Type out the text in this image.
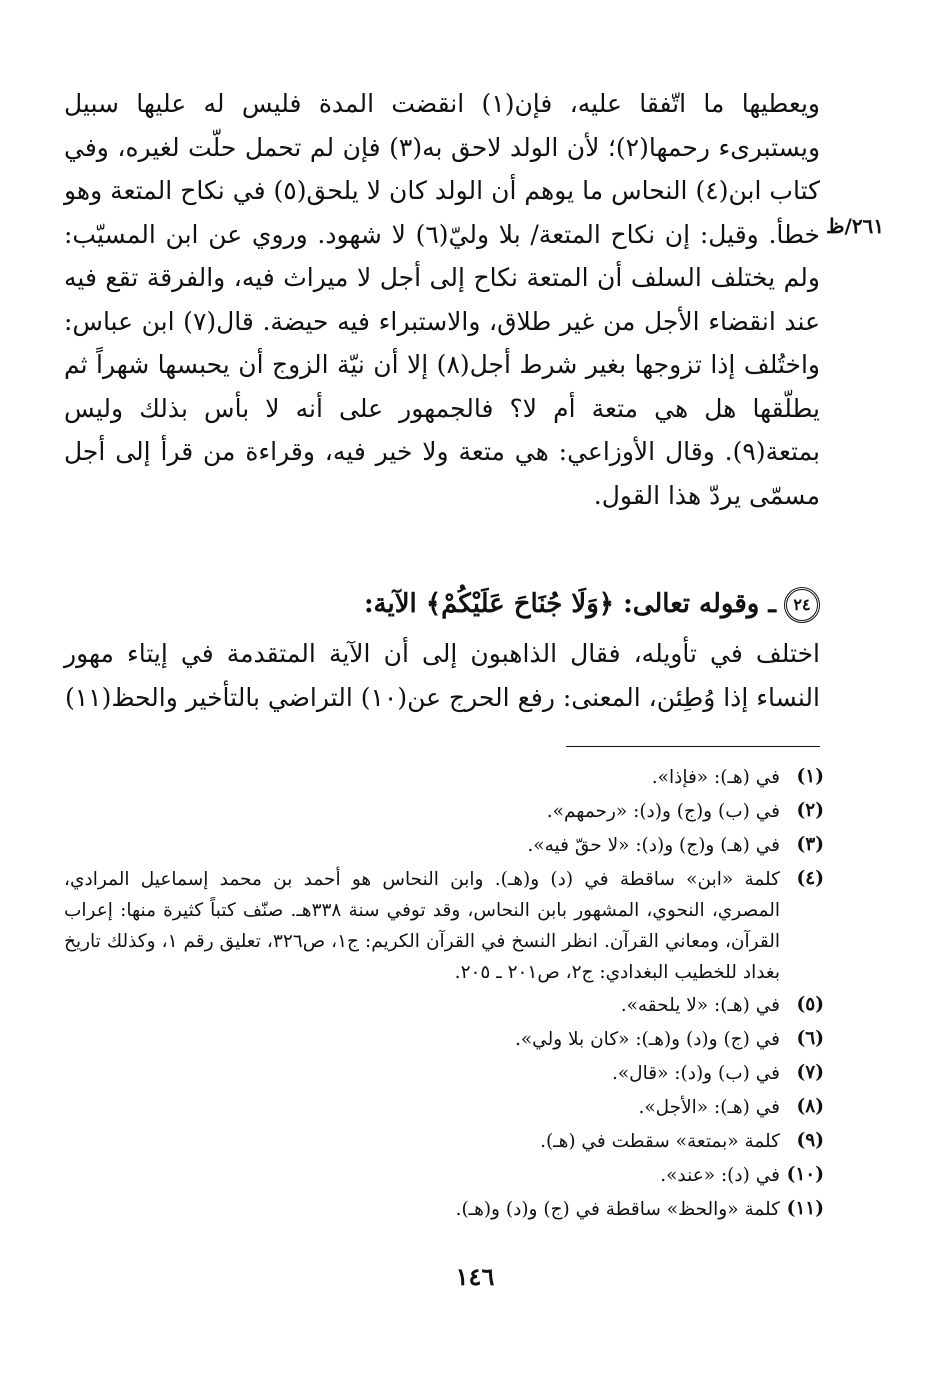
٢٦١/ظ

ويعطيها ما اتّفقا عليه، فإن(١) انقضت المدة فليس له عليها سبيل ويستبرىء رحمها(٢)؛ لأن الولد لاحق به(٣) فإن لم تحمل حلّت لغيره، وفي كتاب ابن(٤) النحاس ما يوهم أن الولد كان لا يلحق(٥) في نكاح المتعة وهو خطأ. وقيل: إن نكاح المتعة/ بلا وليّ(٦) لا شهود. وروي عن ابن المسيّب: ولم يختلف السلف أن المتعة نكاح إلى أجل لا ميراث فيه، والفرقة تقع فيه عند انقضاء الأجل من غير طلاق، والاستبراء فيه حيضة. قال(٧) ابن عباس: واختُلف إذا تزوجها بغير شرط أجل(٨) إلا أن نيّة الزوج أن يحبسها شهراً ثم يطلّقها هل هي متعة أم لا؟ فالجمهور على أنه لا بأس بذلك وليس بمتعة(٩). وقال الأوزاعي: هي متعة ولا خير فيه، وقراءة من قرأ إلى أجل مسمّى يردّ هذا القول.

٢٤ـ وقوله تعالى: ﴿وَلَا جُنَاحَ عَلَيْكُمْ﴾ الآية:
اختلف في تأويله، فقال الذاهبون إلى أن الآية المتقدمة في إيتاء مهور النساء إذا وُطِئن، المعنى: رفع الحرج عن(١٠) التراضي بالتأخير والحظ(١١)
(١)
في (هـ): «فإذا».
(٢)
في (ب) و(ج) و(د): «رحمهم».
(٣)
في (هـ) و(ج) و(د): «لا حقّ فيه».
(٤)
كلمة «ابن» ساقطة في (د) و(هـ). وابن النحاس هو أحمد بن محمد إسماعيل المرادي، المصري، النحوي، المشهور بابن النحاس، وقد توفي سنة ٣٣٨هـ. صنّف كتباً كثيرة منها: إعراب القرآن، ومعاني القرآن. انظر النسخ في القرآن الكريم: ج١، ص٣٢٦، تعليق رقم ١، وكذلك تاريخ بغداد للخطيب البغدادي: ج٢، ص٢٠١ ـ ٢٠٥.
(٥)
في (هـ): «لا يلحقه».
(٦)
في (ج) و(د) و(هـ): «كان بلا ولي».
(٧)
في (ب) و(د): «قال».
(٨)
في (هـ): «الأجل».
(٩)
كلمة «بمتعة» سقطت في (هـ).
(١٠)
في (د): «عند».
(١١)
كلمة «والحظ» ساقطة في (ج) و(د) و(هـ).
١٤٦
